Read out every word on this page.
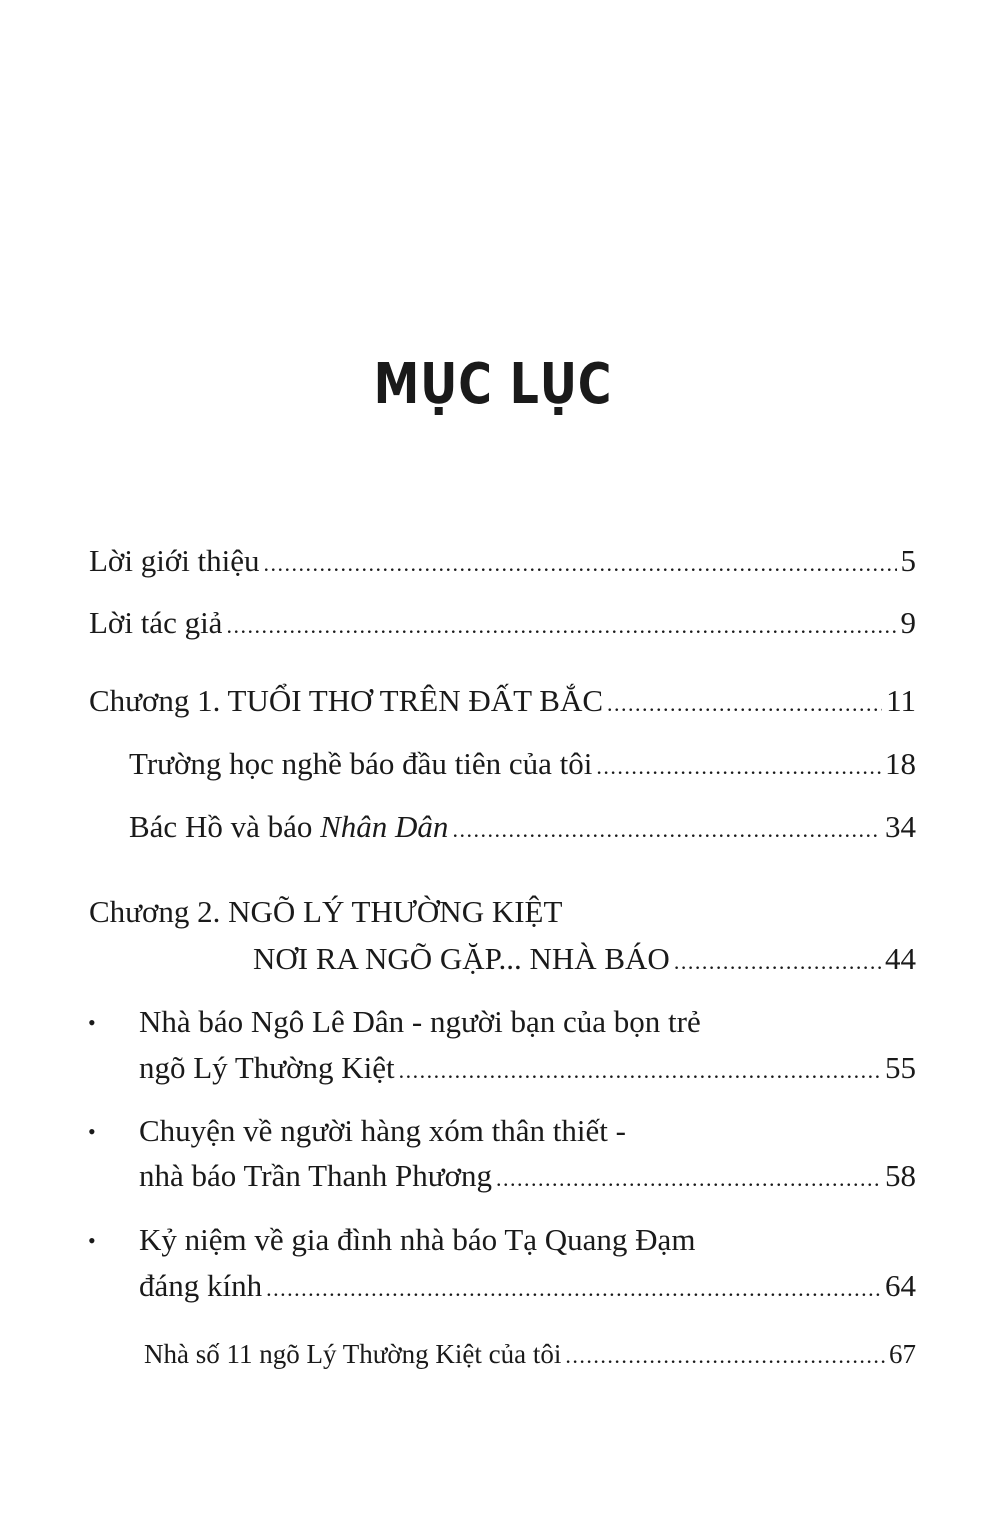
MỤC LỤC
Lời giới thiệu .....	5
Lời tác giả .....	9
Chương 1. TUỔI THƠ TRÊN ĐẤT BẮC .....	11
Trường học nghề báo đầu tiên của tôi .....	18
Bác Hồ và báo Nhân Dân .....	34
Chương 2. NGÕ LÝ THƯỜNG KIỆT
NƠI RA NGÕ GẶP... NHÀ BÁO .....	44
• Nhà báo Ngô Lê Dân - người bạn của bọn trẻ
ngõ Lý Thường Kiệt .....	55
• Chuyện về người hàng xóm thân thiết -
nhà báo Trần Thanh Phương .....	58
• Kỷ niệm về gia đình nhà báo Tạ Quang Đạm
đáng kính .....	64
Nhà số 11 ngõ Lý Thường Kiệt của tôi .....	67
